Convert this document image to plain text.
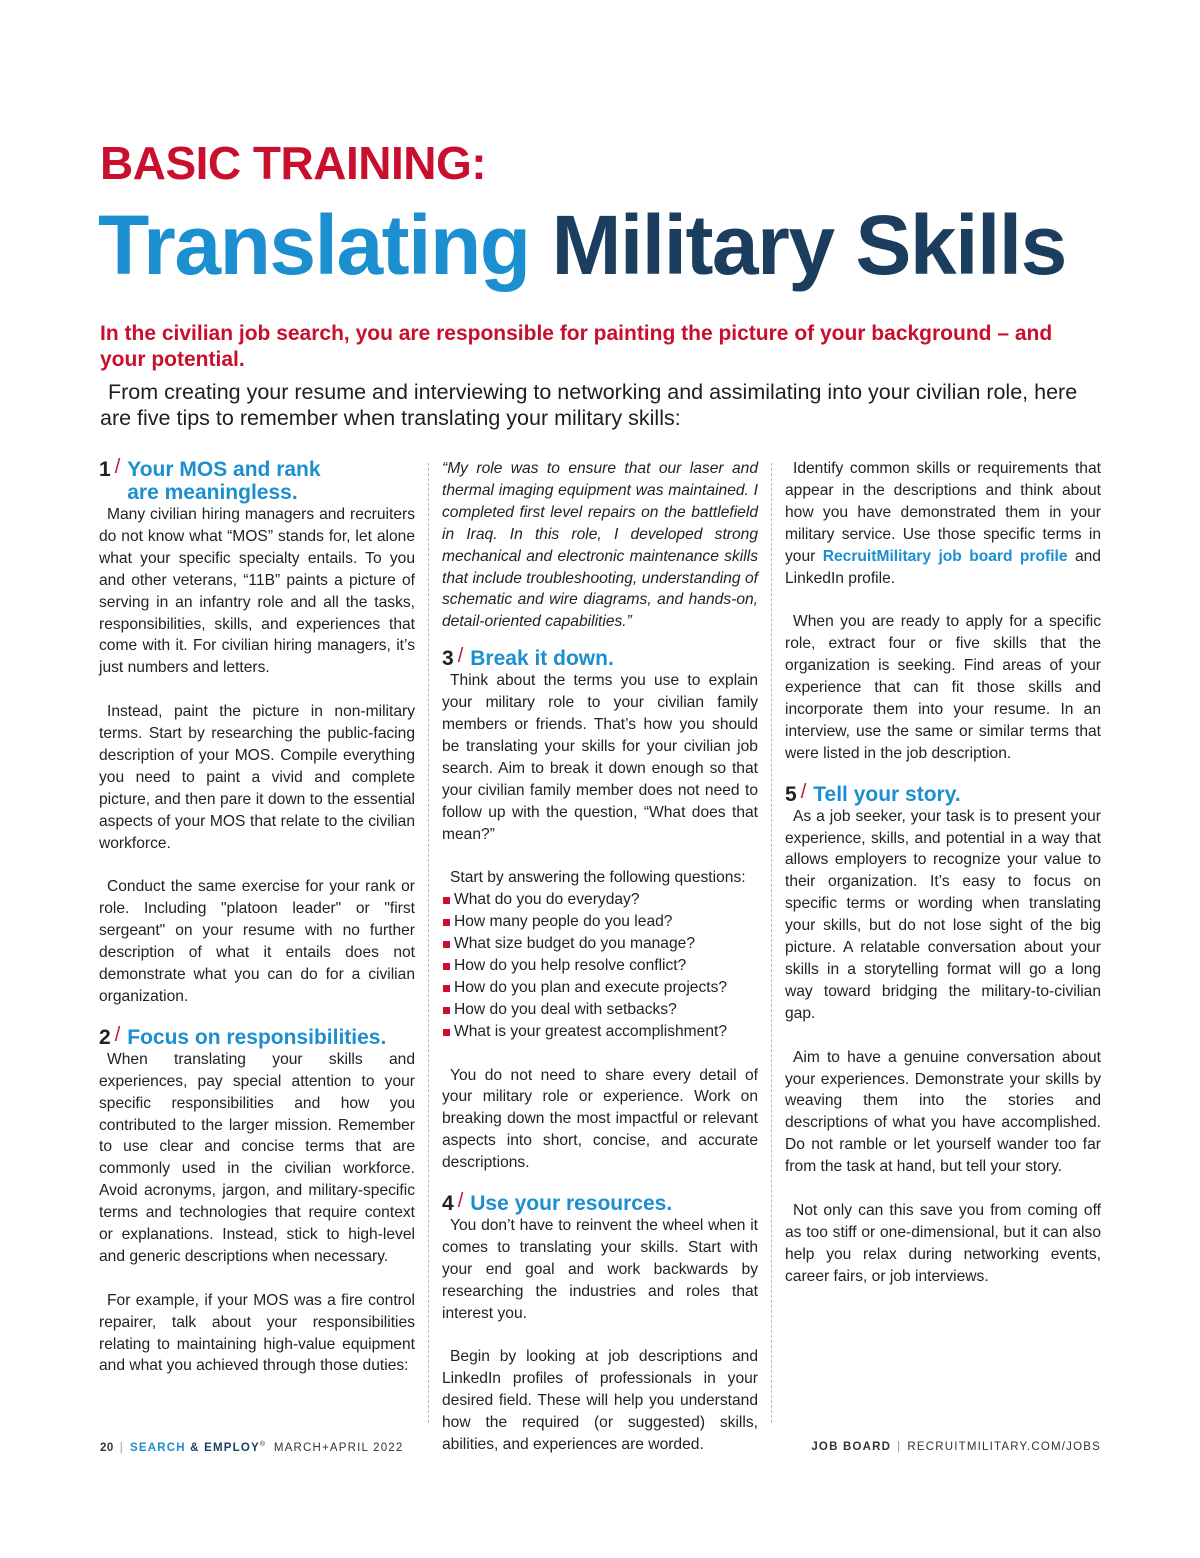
BASIC TRAINING:
Translating Military Skills

In the civilian job search, you are responsible for painting the picture of your background – and your potential.

From creating your resume and interviewing to networking and assimilating into your civilian role, here are five tips to remember when translating your military skills:

1 / Your MOS and rank are meaningless.

Many civilian hiring managers and recruiters do not know what “MOS” stands for, let alone what your specific specialty entails. To you and other veterans, “11B” paints a picture of serving in an infantry role and all the tasks, responsibilities, skills, and experiences that come with it. For civilian hiring managers, it’s just numbers and letters.

Instead, paint the picture in non-military terms. Start by researching the public-facing description of your MOS. Compile everything you need to paint a vivid and complete picture, and then pare it down to the essential aspects of your MOS that relate to the civilian workforce.

Conduct the same exercise for your rank or role. Including "platoon leader" or "first sergeant" on your resume with no further description of what it entails does not demonstrate what you can do for a civilian organization.

2 / Focus on responsibilities.

When translating your skills and experiences, pay special attention to your specific responsibilities and how you contributed to the larger mission. Remember to use clear and concise terms that are commonly used in the civilian workforce. Avoid acronyms, jargon, and military-specific terms and technologies that require context or explanations. Instead, stick to high-level and generic descriptions when necessary.

For example, if your MOS was a fire control repairer, talk about your responsibilities relating to maintaining high-value equipment and what you achieved through those duties:

“My role was to ensure that our laser and thermal imaging equipment was maintained. I completed first level repairs on the battlefield in Iraq. In this role, I developed strong mechanical and electronic maintenance skills that include troubleshooting, understanding of schematic and wire diagrams, and hands-on, detail-oriented capabilities.”

3 / Break it down.

Think about the terms you use to explain your military role to your civilian family members or friends. That’s how you should be translating your skills for your civilian job search. Aim to break it down enough so that your civilian family member does not need to follow up with the question, “What does that mean?”

Start by answering the following questions:

What do you do everyday?
How many people do you lead?
What size budget do you manage?
How do you help resolve conflict?
How do you plan and execute projects?
How do you deal with setbacks?
What is your greatest accomplishment?

You do not need to share every detail of your military role or experience. Work on breaking down the most impactful or relevant aspects into short, concise, and accurate descriptions.

4 / Use your resources.

You don’t have to reinvent the wheel when it comes to translating your skills. Start with your end goal and work backwards by researching the industries and roles that interest you.

Begin by looking at job descriptions and LinkedIn profiles of professionals in your desired field. These will help you understand how the required (or suggested) skills, abilities, and experiences are worded.

Identify common skills or requirements that appear in the descriptions and think about how you have demonstrated them in your military service. Use those specific terms in your RecruitMilitary job board profile and LinkedIn profile.

When you are ready to apply for a specific role, extract four or five skills that the organization is seeking. Find areas of your experience that can fit those skills and incorporate them into your resume. In an interview, use the same or similar terms that were listed in the job description.

5 / Tell your story.

As a job seeker, your task is to present your experience, skills, and potential in a way that allows employers to recognize your value to their organization. It’s easy to focus on specific terms or wording when translating your skills, but do not lose sight of the big picture. A relatable conversation about your skills in a storytelling format will go a long way toward bridging the military-to-civilian gap.

Aim to have a genuine conversation about your experiences. Demonstrate your skills by weaving them into the stories and descriptions of what you have accomplished. Do not ramble or let yourself wander too far from the task at hand, but tell your story.

Not only can this save you from coming off as too stiff or one-dimensional, but it can also help you relax during networking events, career fairs, or job interviews.

20 | SEARCH & EMPLOY® MARCH+APRIL 2022	JOB BOARD | RECRUITMILITARY.COM/JOBS
